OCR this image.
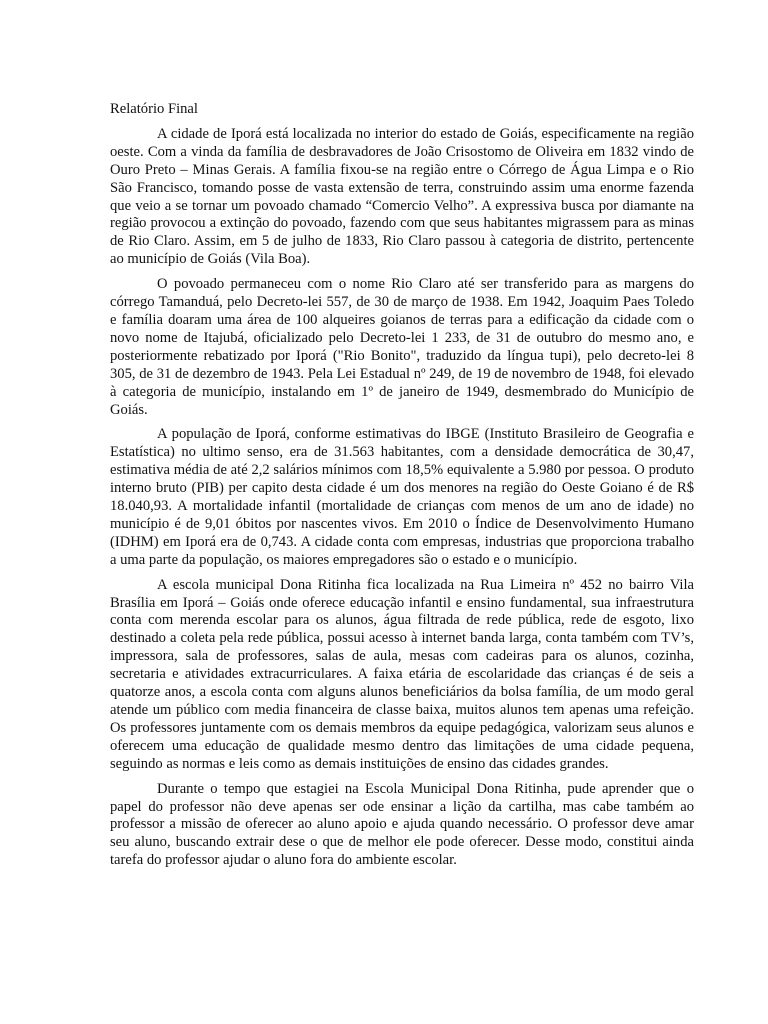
Relatório Final

A cidade de Iporá está localizada no interior do estado de Goiás, especificamente na região oeste. Com a vinda da família de desbravadores de João Crisostomo de Oliveira em 1832 vindo de Ouro Preto – Minas Gerais. A família fixou-se na região entre o Córrego de Água Limpa e o Rio São Francisco, tomando posse de vasta extensão de terra, construindo assim uma enorme fazenda que veio a se tornar um povoado chamado “Comercio Velho”. A expressiva busca por diamante na região provocou a extinção do povoado, fazendo com que seus habitantes migrassem para as minas de Rio Claro. Assim, em 5 de julho de 1833, Rio Claro passou à categoria de distrito, pertencente ao município de Goiás (Vila Boa).

O povoado permaneceu com o nome Rio Claro até ser transferido para as margens do córrego Tamanduá, pelo Decreto-lei 557, de 30 de março de 1938. Em 1942, Joaquim Paes Toledo e família doaram uma área de 100 alqueires goianos de terras para a edificação da cidade com o novo nome de Itajubá, oficializado pelo Decreto-lei 1 233, de 31 de outubro do mesmo ano, e posteriormente rebatizado por Iporá ("Rio Bonito", traduzido da língua tupi), pelo decreto-lei 8 305, de 31 de dezembro de 1943. Pela Lei Estadual nº 249, de 19 de novembro de 1948, foi elevado à categoria de município, instalando em 1º de janeiro de 1949, desmembrado do Município de Goiás.

A população de Iporá, conforme estimativas do IBGE (Instituto Brasileiro de Geografia e Estatística) no ultimo senso, era de 31.563 habitantes, com a densidade democrática de 30,47, estimativa média de até 2,2 salários mínimos com 18,5% equivalente a 5.980 por pessoa. O produto interno bruto (PIB) per capito desta cidade é um dos menores na região do Oeste Goiano é de R$ 18.040,93. A mortalidade infantil (mortalidade de crianças com menos de um ano de idade) no município é de 9,01 óbitos por nascentes vivos. Em 2010 o Índice de Desenvolvimento Humano (IDHM) em Iporá era de 0,743. A cidade conta com empresas, industrias que proporciona trabalho a uma parte da população, os maiores empregadores são o estado e o município.

A escola municipal Dona Ritinha fica localizada na Rua Limeira nº 452 no bairro Vila Brasília em Iporá – Goiás onde oferece educação infantil e ensino fundamental, sua infraestrutura conta com merenda escolar para os alunos, água filtrada de rede pública, rede de esgoto, lixo destinado a coleta pela rede pública, possui acesso à internet banda larga, conta também com TV’s, impressora, sala de professores, salas de aula, mesas com cadeiras para os alunos, cozinha, secretaria e atividades extracurriculares. A faixa etária de escolaridade das crianças é de seis a quatorze anos, a escola conta com alguns alunos beneficiários da bolsa família, de um modo geral atende um público com media financeira de classe baixa, muitos alunos tem apenas uma refeição. Os professores juntamente com os demais membros da equipe pedagógica, valorizam seus alunos e oferecem uma educação de qualidade mesmo dentro das limitações de uma cidade pequena, seguindo as normas e leis como as demais instituições de ensino das cidades grandes.

Durante o tempo que estagiei na Escola Municipal Dona Ritinha, pude aprender que o papel do professor não deve apenas ser ode ensinar a lição da cartilha, mas cabe também ao professor a missão de oferecer ao aluno apoio e ajuda quando necessário. O professor deve amar seu aluno, buscando extrair dese o que de melhor ele pode oferecer. Desse modo, constitui ainda tarefa do professor ajudar o aluno fora do ambiente escolar.
